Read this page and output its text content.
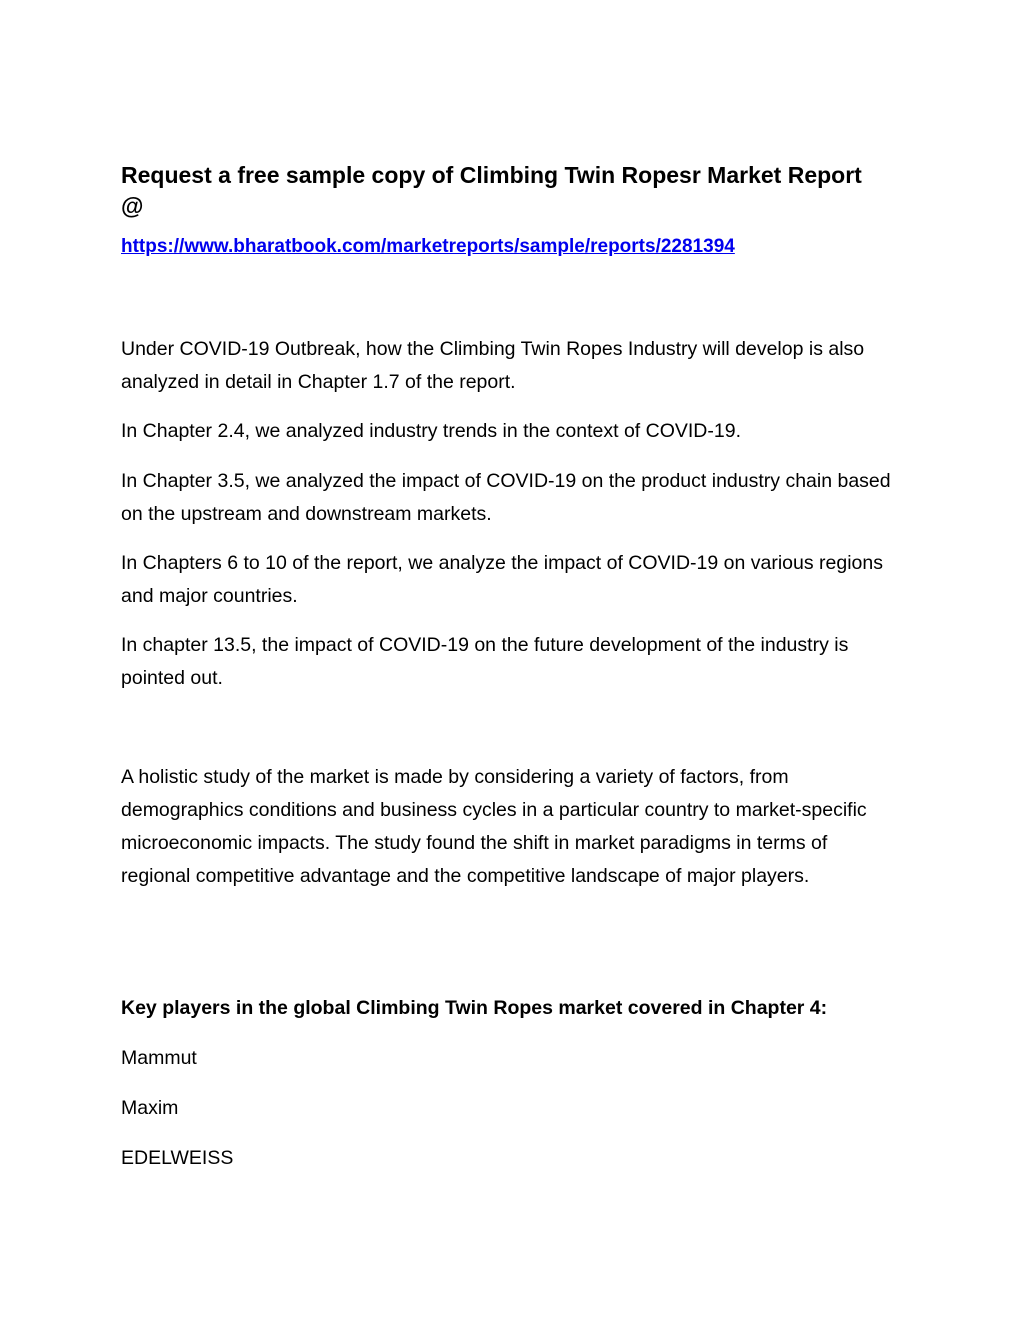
Request a free sample copy of Climbing Twin Ropesr Market Report

@

https://www.bharatbook.com/marketreports/sample/reports/2281394

Under COVID-19 Outbreak, how the Climbing Twin Ropes Industry will develop is also analyzed in detail in Chapter 1.7 of the report.

In Chapter 2.4, we analyzed industry trends in the context of COVID-19.

In Chapter 3.5, we analyzed the impact of COVID-19 on the product industry chain based on the upstream and downstream markets.

In Chapters 6 to 10 of the report, we analyze the impact of COVID-19 on various regions and major countries.

In chapter 13.5, the impact of COVID-19 on the future development of the industry is pointed out.

A holistic study of the market is made by considering a variety of factors, from demographics conditions and business cycles in a particular country to market-specific microeconomic impacts. The study found the shift in market paradigms in terms of regional competitive advantage and the competitive landscape of major players.

Key players in the global Climbing Twin Ropes market covered in Chapter 4:

Mammut

Maxim

EDELWEISS
